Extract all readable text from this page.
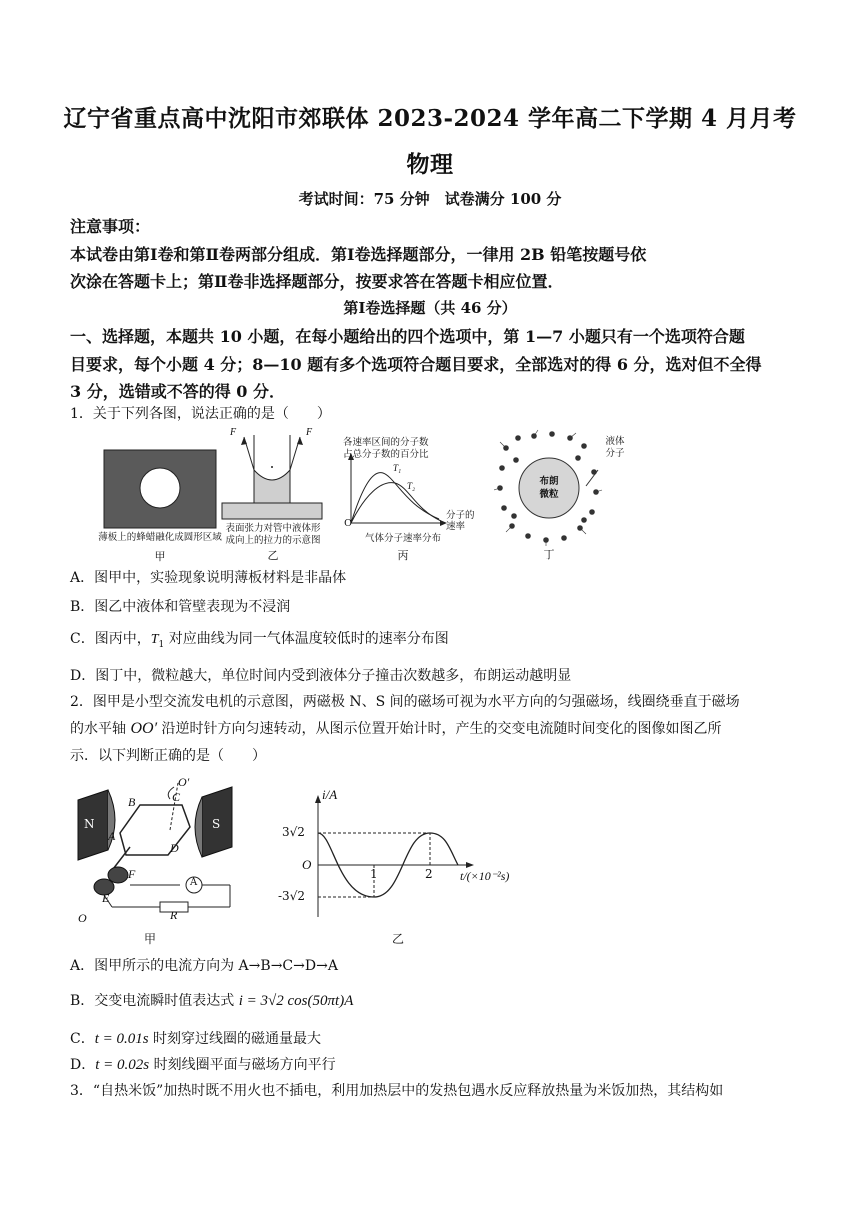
辽宁省重点高中沈阳市郊联体 2023-2024 学年高二下学期 4 月月考
物理
考试时间：75 分钟　试卷满分 100 分
注意事项：
本试卷由第Ⅰ卷和第Ⅱ卷两部分组成．第Ⅰ卷选择题部分，一律用 2B 铅笔按题号依
次涂在答题卡上；第Ⅱ卷非选择题部分，按要求答在答题卡相应位置．
第Ⅰ卷选择题（共 46 分）
一、选择题，本题共 10 小题，在每小题给出的四个选项中，第 1—7 小题只有一个选项符合题
目要求，每个小题 4 分；8—10 题有多个选项符合题目要求，全部选对的得 6 分，选对但不全得
3 分，选错或不答的得 0 分．
1．关于下列各图，说法正确的是（　　）
薄板上的蜂蜡融化成圆形区域
甲
F	F
表面张力对管中液体形
成向上的拉力的示意图
乙
各速率区间的分子数
占总分子数的百分比
T₁
T₂
分子的
速率
O
气体分子速率分布
丙
布朗
微粒
液体
分子
丁
A．图甲中，实验现象说明薄板材料是非晶体
B．图乙中液体和管壁表现为不浸润
C．图丙中，$T_1$ 对应曲线为同一气体温度较低时的速率分布图
D．图丁中，微粒越大，单位时间内受到液体分子撞击次数越多，布朗运动越明显
2．图甲是小型交流发电机的示意图，两磁极 N、S 间的磁场可视为水平方向的匀强磁场，线圈绕垂直于磁场
的水平轴 OO′ 沿逆时针方向匀速转动，从图示位置开始计时，产生的交变电流随时间变化的图像如图乙所
示．以下判断正确的是（　　）
N	S
A
B	C
D
E
F
O
O′
R
A
甲
i/A
3√2
-3√2
O
1	2 t/(×10⁻²s)
乙
A．图甲所示的电流方向为 A→B→C→D→A
B．交变电流瞬时值表达式 i = 3√2 cos(50πt)A
C．t = 0.01s 时刻穿过线圈的磁通量最大
D．t = 0.02s 时刻线圈平面与磁场方向平行
3．“自热米饭”加热时既不用火也不插电，利用加热层中的发热包遇水反应释放热量为米饭加热，其结构如
